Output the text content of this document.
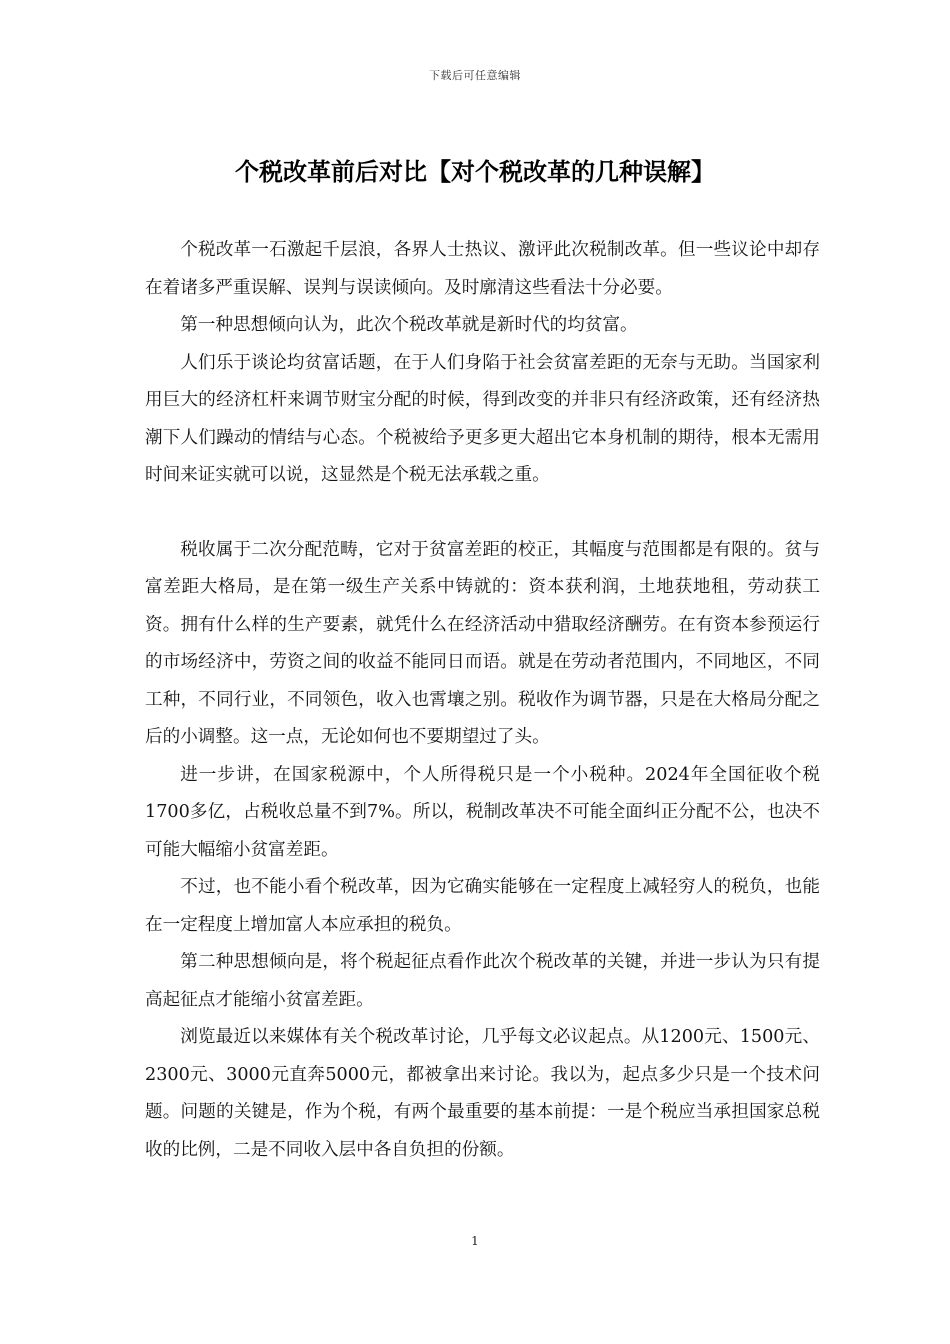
下载后可任意编辑
个税改革前后对比【对个税改革的几种误解】

个税改革一石激起千层浪，各界人士热议、激评此次税制改革。但一些议论中却存在着诸多严重误解、误判与误读倾向。及时廓清这些看法十分必要。

第一种思想倾向认为，此次个税改革就是新时代的均贫富。

人们乐于谈论均贫富话题，在于人们身陷于社会贫富差距的无奈与无助。当国家利用巨大的经济杠杆来调节财宝分配的时候，得到改变的并非只有经济政策，还有经济热潮下人们躁动的情结与心态。个税被给予更多更大超出它本身机制的期待，根本无需用时间来证实就可以说，这显然是个税无法承载之重。

税收属于二次分配范畴，它对于贫富差距的校正，其幅度与范围都是有限的。贫与富差距大格局，是在第一级生产关系中铸就的：资本获利润，土地获地租，劳动获工资。拥有什么样的生产要素，就凭什么在经济活动中猎取经济酬劳。在有资本参预运行的市场经济中，劳资之间的收益不能同日而语。就是在劳动者范围内，不同地区，不同工种，不同行业，不同领色，收入也霄壤之别。税收作为调节器，只是在大格局分配之后的小调整。这一点，无论如何也不要期望过了头。

进一步讲，在国家税源中，个人所得税只是一个小税种。2024年全国征收个税1700多亿，占税收总量不到7%。所以，税制改革决不可能全面纠正分配不公，也决不可能大幅缩小贫富差距。

不过，也不能小看个税改革，因为它确实能够在一定程度上减轻穷人的税负，也能在一定程度上增加富人本应承担的税负。

第二种思想倾向是，将个税起征点看作此次个税改革的关键，并进一步认为只有提高起征点才能缩小贫富差距。

浏览最近以来媒体有关个税改革讨论，几乎每文必议起点。从1200元、1500元、2300元、3000元直奔5000元，都被拿出来讨论。我以为，起点多少只是一个技术问题。问题的关键是，作为个税，有两个最重要的基本前提：一是个税应当承担国家总税收的比例，二是不同收入层中各自负担的份额。

1
